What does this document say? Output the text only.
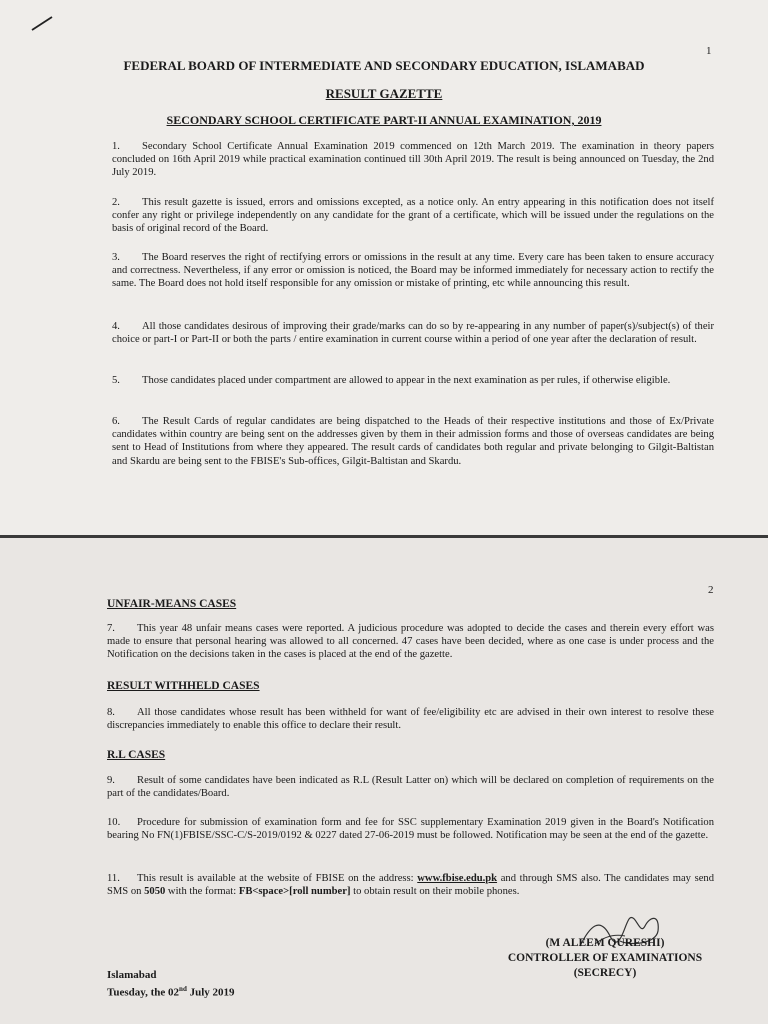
1
FEDERAL BOARD OF INTERMEDIATE AND SECONDARY EDUCATION, ISLAMABAD
RESULT GAZETTE
SECONDARY SCHOOL CERTIFICATE PART-II ANNUAL EXAMINATION, 2019
1. Secondary School Certificate Annual Examination 2019 commenced on 12th March 2019. The examination in theory papers concluded on 16th April 2019 while practical examination continued till 30th April 2019. The result is being announced on Tuesday, the 2nd July 2019.
2. This result gazette is issued, errors and omissions excepted, as a notice only. An entry appearing in this notification does not itself confer any right or privilege independently on any candidate for the grant of a certificate, which will be issued under the regulations on the basis of original record of the Board.
3. The Board reserves the right of rectifying errors or omissions in the result at any time. Every care has been taken to ensure accuracy and correctness. Nevertheless, if any error or omission is noticed, the Board may be informed immediately for necessary action to rectify the same. The Board does not hold itself responsible for any omission or mistake of printing, etc while announcing this result.
4. All those candidates desirous of improving their grade/marks can do so by re-appearing in any number of paper(s)/subject(s) of their choice or part-I or Part-II or both the parts / entire examination in current course within a period of one year after the declaration of result.
5. Those candidates placed under compartment are allowed to appear in the next examination as per rules, if otherwise eligible.
6. The Result Cards of regular candidates are being dispatched to the Heads of their respective institutions and those of Ex/Private candidates within country are being sent on the addresses given by them in their admission forms and those of overseas candidates are being sent to Head of Institutions from where they appeared. The result cards of candidates both regular and private belonging to Gilgit-Baltistan and Skardu are being sent to the FBISE's Sub-offices, Gilgit-Baltistan and Skardu.
2
UNFAIR-MEANS CASES
7. This year 48 unfair means cases were reported. A judicious procedure was adopted to decide the cases and therein every effort was made to ensure that personal hearing was allowed to all concerned. 47 cases have been decided, where as one case is under process and the Notification on the decisions taken in the cases is placed at the end of the gazette.
RESULT WITHHELD CASES
8. All those candidates whose result has been withheld for want of fee/eligibility etc are advised in their own interest to resolve these discrepancies immediately to enable this office to declare their result.
R.L CASES
9. Result of some candidates have been indicated as R.L (Result Latter on) which will be declared on completion of requirements on the part of the candidates/Board.
10. Procedure for submission of examination form and fee for SSC supplementary Examination 2019 given in the Board's Notification bearing No FN(1)FBISE/SSC-C/S-2019/0192 & 0227 dated 27-06-2019 must be followed. Notification may be seen at the end of the gazette.
11. This result is available at the website of FBISE on the address: www.fbise.edu.pk and through SMS also. The candidates may send SMS on 5050 with the format: FB<space>[roll number] to obtain result on their mobile phones.
(M ALEEM QURESHI)
CONTROLLER OF EXAMINATIONS
(SECRECY)
Islamabad
Tuesday, the 02nd July 2019
